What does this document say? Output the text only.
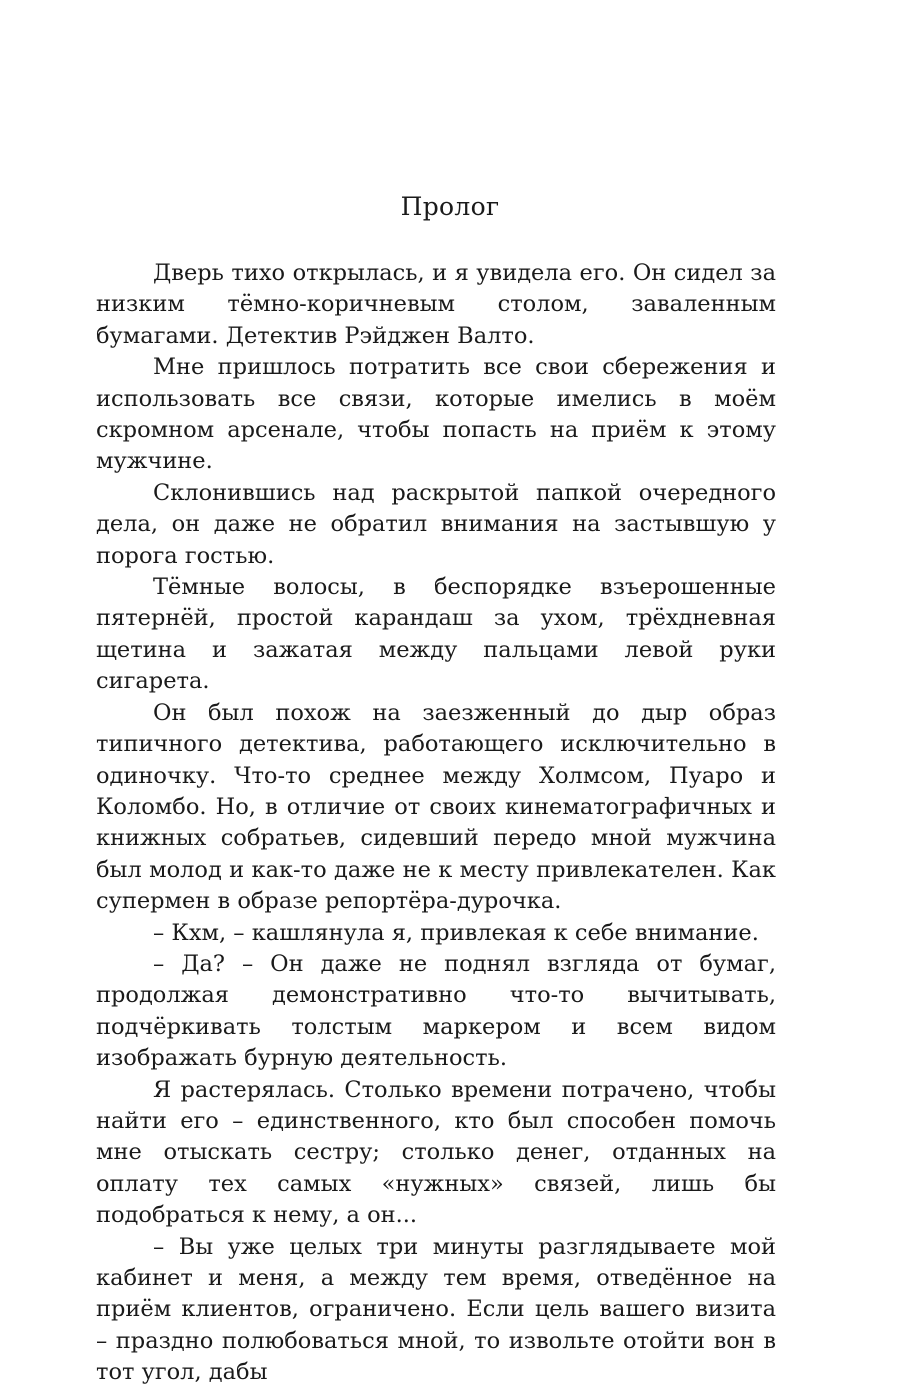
Пролог

Дверь тихо открылась, и я увидела его. Он сидел за низким тёмно-коричневым столом, заваленным бумагами. Детектив Рэйджен Валто.

Мне пришлось потратить все свои сбережения и использовать все связи, которые имелись в моём скромном арсенале, чтобы попасть на приём к этому мужчине.

Склонившись над раскрытой папкой очередного дела, он даже не обратил внимания на застывшую у порога гостью.

Тёмные волосы, в беспорядке взъерошенные пятернёй, простой карандаш за ухом, трёхдневная щетина и зажатая между пальцами левой руки сигарета.

Он был похож на заезженный до дыр образ типичного детектива, работающего исключительно в одиночку. Что-то среднее между Холмсом, Пуаро и Коломбо. Но, в отличие от своих кинематографичных и книжных собратьев, сидевший передо мной мужчина был молод и как-то даже не к месту привлекателен. Как супермен в образе репортёра-дурочка.

– Кхм, – кашлянула я, привлекая к себе внимание.

– Да? – Он даже не поднял взгляда от бумаг, продолжая демонстративно что-то вычитывать, подчёркивать толстым маркером и всем видом изображать бурную деятельность.

Я растерялась. Столько времени потрачено, чтобы найти его – единственного, кто был способен помочь мне отыскать сестру; столько денег, отданных на оплату тех самых «нужных» связей, лишь бы подобраться к нему, а он...

– Вы уже целых три минуты разглядываете мой кабинет и меня, а между тем время, отведённое на приём клиентов, ограничено. Если цель вашего визита – праздно полюбоваться мной, то извольте отойти вон в тот угол, дабы
